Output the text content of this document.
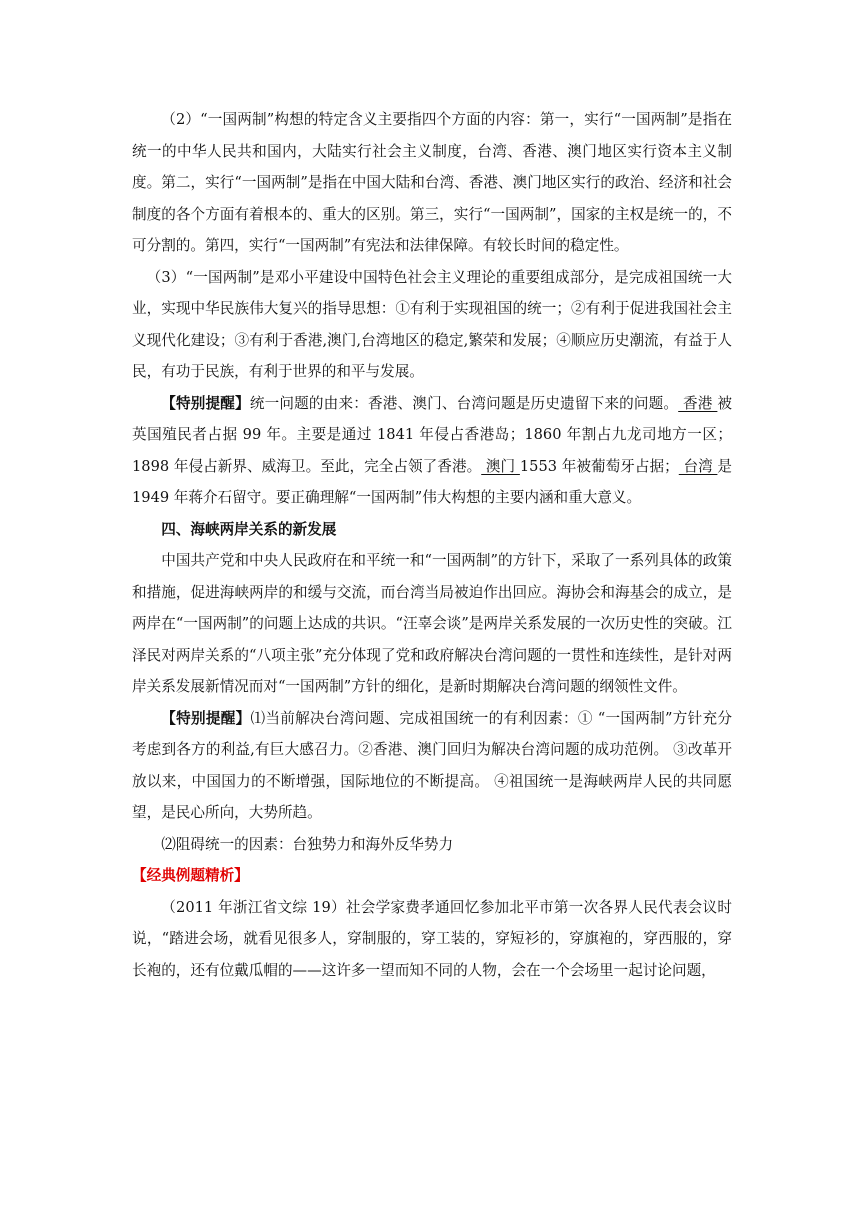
（2）“一国两制”构想的特定含义主要指四个方面的内容：第一，实行“一国两制”是指在统一的中华人民共和国内，大陆实行社会主义制度，台湾、香港、澳门地区实行资本主义制度。第二，实行“一国两制”是指在中国大陆和台湾、香港、澳门地区实行的政治、经济和社会制度的各个方面有着根本的、重大的区别。第三，实行“一国两制”，国家的主权是统一的，不可分割的。第四，实行“一国两制”有宪法和法律保障。有较长时间的稳定性。

（3）“一国两制”是邓小平建设中国特色社会主义理论的重要组成部分，是完成祖国统一大业，实现中华民族伟大复兴的指导思想：①有利于实现祖国的统一；②有利于促进我国社会主义现代化建设；③有利于香港,澳门,台湾地区的稳定,繁荣和发展；④顺应历史潮流，有益于人民，有功于民族，有利于世界的和平与发展。

【特别提醒】统一问题的由来：香港、澳门、台湾问题是历史遗留下来的问题。 香港 被英国殖民者占据 99 年。主要是通过 1841 年侵占香港岛；1860 年割占九龙司地方一区；1898 年侵占新界、威海卫。至此，完全占领了香港。 澳门 1553 年被葡萄牙占据； 台湾 是 1949 年蒋介石留守。要正确理解“一国两制”伟大构想的主要内涵和重大意义。

四、海峡两岸关系的新发展

中国共产党和中央人民政府在和平统一和“一国两制”的方针下，采取了一系列具体的政策和措施，促进海峡两岸的和缓与交流，而台湾当局被迫作出回应。海协会和海基会的成立，是两岸在“一国两制”的问题上达成的共识。“汪辜会谈”是两岸关系发展的一次历史性的突破。江泽民对两岸关系的“八项主张”充分体现了党和政府解决台湾问题的一贯性和连续性，是针对两岸关系发展新情况而对“一国两制”方针的细化，是新时期解决台湾问题的纲领性文件。

【特别提醒】⑴当前解决台湾问题、完成祖国统一的有利因素：① “一国两制”方针充分考虑到各方的利益,有巨大感召力。②香港、澳门回归为解决台湾问题的成功范例。 ③改革开放以来，中国国力的不断增强，国际地位的不断提高。 ④祖国统一是海峡两岸人民的共同愿望，是民心所向，大势所趋。

⑵阻碍统一的因素：台独势力和海外反华势力

【经典例题精析】

（2011 年浙江省文综 19）社会学家费孝通回忆参加北平市第一次各界人民代表会议时说，“踏进会场，就看见很多人，穿制服的，穿工装的，穿短衫的，穿旗袍的，穿西服的，穿长袍的，还有位戴瓜帽的——这许多一望而知不同的人物，会在一个会场里一起讨论问题，
